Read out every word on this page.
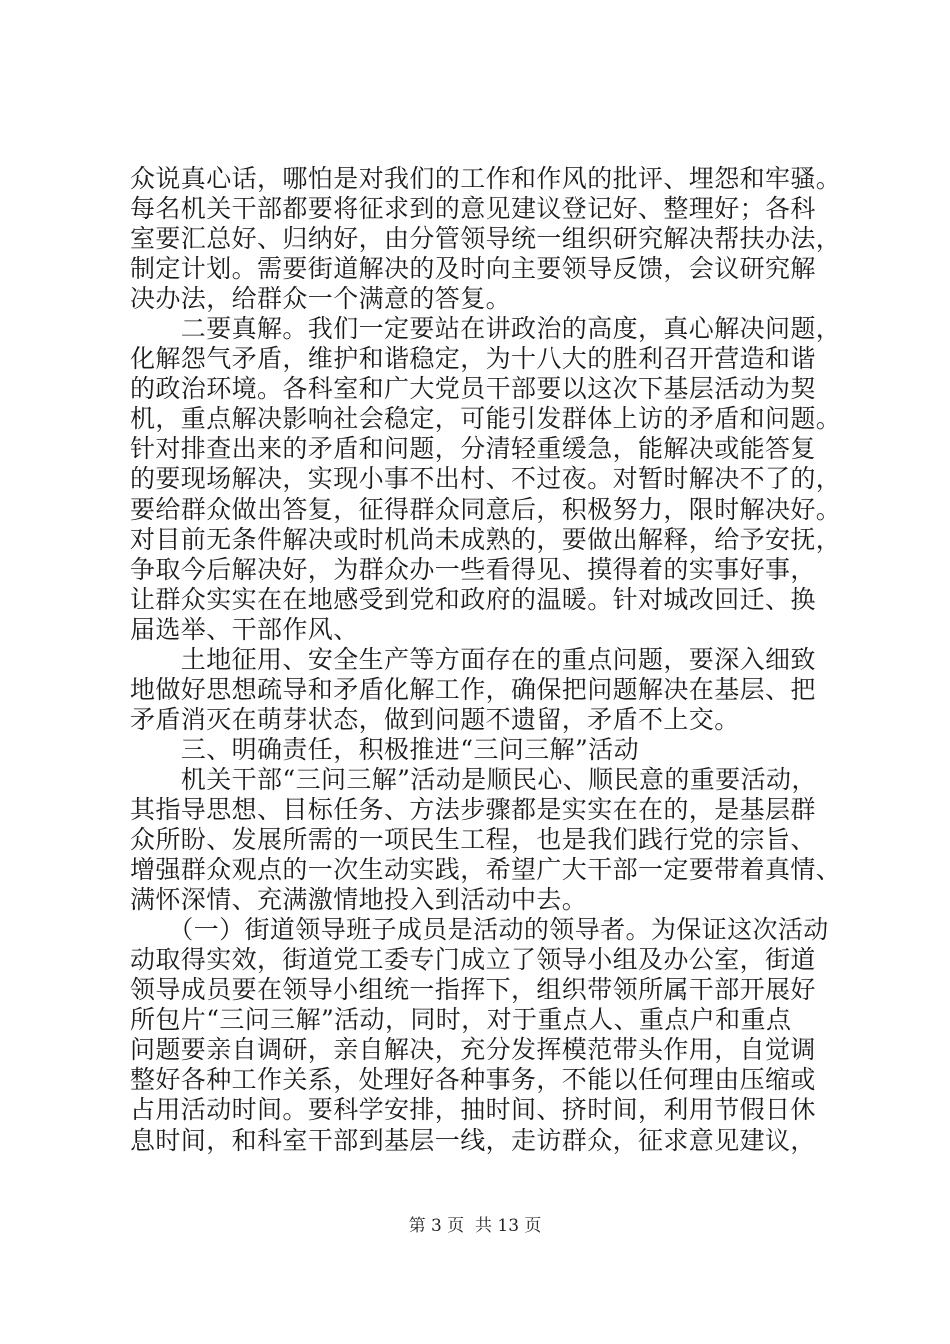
众说真心话，哪怕是对我们的工作和作风的批评、埋怨和牢骚。
每名机关干部都要将征求到的意见建议登记好、整理好；各科
室要汇总好、归纳好，由分管领导统一组织研究解决帮扶办法，
制定计划。需要街道解决的及时向主要领导反馈，会议研究解
决办法，给群众一个满意的答复。
　　二要真解。我们一定要站在讲政治的高度，真心解决问题，
化解怨气矛盾，维护和谐稳定，为十八大的胜利召开营造和谐
的政治环境。各科室和广大党员干部要以这次下基层活动为契
机，重点解决影响社会稳定，可能引发群体上访的矛盾和问题。
针对排查出来的矛盾和问题，分清轻重缓急，能解决或能答复
的要现场解决，实现小事不出村、不过夜。对暂时解决不了的，
要给群众做出答复，征得群众同意后，积极努力，限时解决好。
对目前无条件解决或时机尚未成熟的，要做出解释，给予安抚，
争取今后解决好，为群众办一些看得见、摸得着的实事好事，
让群众实实在在地感受到党和政府的温暖。针对城改回迁、换
届选举、干部作风、
　　土地征用、安全生产等方面存在的重点问题，要深入细致
地做好思想疏导和矛盾化解工作，确保把问题解决在基层、把
矛盾消灭在萌芽状态，做到问题不遗留，矛盾不上交。
　　三、明确责任，积极推进“三问三解”活动
　　机关干部“三问三解”活动是顺民心、顺民意的重要活动，
其指导思想、目标任务、方法步骤都是实实在在的，是基层群
众所盼、发展所需的一项民生工程，也是我们践行党的宗旨、
增强群众观点的一次生动实践，希望广大干部一定要带着真情、
满怀深情、充满激情地投入到活动中去。
　　（一）街道领导班子成员是活动的领导者。为保证这次活动
动取得实效，街道党工委专门成立了领导小组及办公室，街道
领导成员要在领导小组统一指挥下，组织带领所属干部开展好
所包片“三问三解”活动，同时，对于重点人、重点户和重点
问题要亲自调研，亲自解决，充分发挥模范带头作用，自觉调
整好各种工作关系，处理好各种事务，不能以任何理由压缩或
占用活动时间。要科学安排，抽时间、挤时间，利用节假日休
息时间，和科室干部到基层一线，走访群众，征求意见建议，
第 3 页  共 13 页
